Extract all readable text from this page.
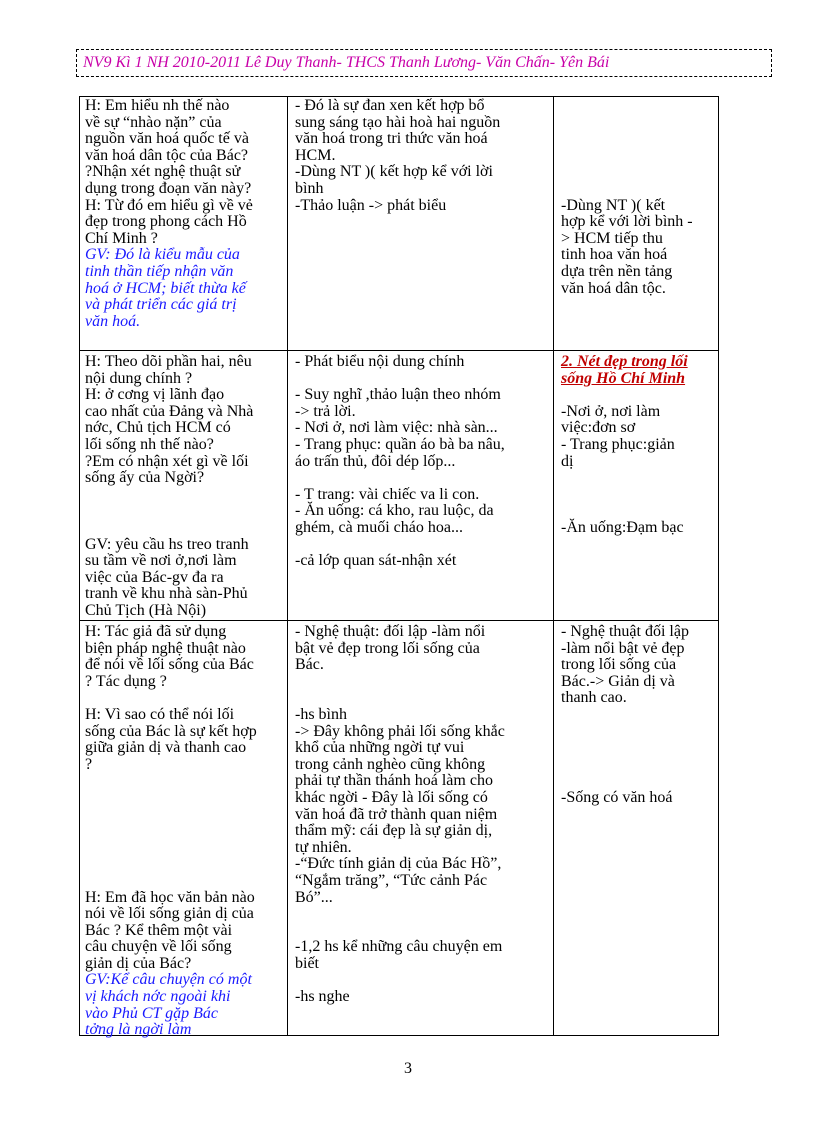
NV9 Kì 1 NH 2010-2011 Lê Duy Thanh- THCS Thanh Lương- Văn Chấn- Yên Bái
H: Em hiểu nh thế nào
về sự “nhào nặn” của
nguồn văn hoá quốc tế và
văn hoá dân tộc của Bác?
?Nhận xét nghệ thuật sử
dụng trong đoạn văn này?
H: Từ đó em hiểu gì về vẻ
đẹp trong phong cách Hồ
Chí Minh ?
GV: Đó là kiểu mẫu của
tinh thần tiếp nhận văn
hoá ở HCM; biết thừa kế
và phát triển các giá trị
văn hoá.
- Đó là sự đan xen kết hợp bổ
sung sáng tạo hài hoà hai nguồn
văn hoá trong tri thức văn hoá
HCM.
-Dùng NT )( kết hợp kể với lời
bình
-Thảo luận -> phát biểu

	-Dùng NT )( kết
hợp kể với lời bình -
> HCM tiếp thu
tinh hoa văn hoá
dựa trên nền tảng
văn hoá dân tộc.
H: Theo dõi phần hai, nêu
nội dung chính ?
H: ở cơng vị lãnh đạo
cao nhất của Đảng và Nhà
nớc, Chủ tịch HCM có
lối sống nh thế nào?
?Em có nhận xét gì về lối
sống ấy của Ngời?

GV: yêu cầu hs treo tranh
su tầm về nơi ở,nơi làm
việc của Bác-gv đa ra
tranh về khu nhà sàn-Phủ
Chủ Tịch (Hà Nội)
- Phát biểu nội dung chính

- Suy nghĩ ,thảo luận theo nhóm
-> trả lời.
- Nơi ở, nơi làm việc: nhà sàn...
- Trang phục: quần áo bà ba nâu,
áo trấn thủ, đôi dép lốp...

- T trang: vài chiếc va li con.
- Ăn uống: cá kho, rau luộc, da
ghém, cà muối cháo hoa...

-cả lớp quan sát-nhận xét
2. Nét đẹp trong lối
sống Hồ Chí Minh

-Nơi ở, nơi làm
việc:đơn sơ
- Trang phục:giản
dị

-Ăn uống:Đạm bạc
H: Tác giả đã sử dụng
biện pháp nghệ thuật nào
để nói về lối sống của Bác
? Tác dụng ?

H: Vì sao có thể nói lối
sống của Bác là sự kết hợp
giữa giản dị và thanh cao
?

H: Em đã học văn bản nào
nói về lối sống giản dị của
Bác ? Kể thêm một vài
câu chuyện về lối sống
giản dị của Bác?
GV:Kể câu chuyện có một
vị khách nớc ngoài khi
vào Phủ CT gặp Bác
tởng là ngời làm
- Nghệ thuật: đối lập -làm nổi
bật vẻ đẹp trong lối sống của
Bác.

-hs bình
-> Đây không phải lối sống khắc
khổ của những ngời tự vui
trong cảnh nghèo cũng không
phải tự thần thánh hoá làm cho
khác ngời - Đây là lối sống có
văn hoá đã trở thành quan niệm
thẩm mỹ: cái đẹp là sự giản dị,
tự nhiên.
-“Đức tính giản dị của Bác Hồ”,
“Ngắm trăng”, “Tức cảnh Pác
Bó”...

-1,2 hs kể những câu chuyện em
biết

-hs nghe
- Nghệ thuật đối lập
-làm nổi bật vẻ đẹp
trong lối sống của
Bác.-> Giản dị và
thanh cao.

-Sống có văn hoá
3
